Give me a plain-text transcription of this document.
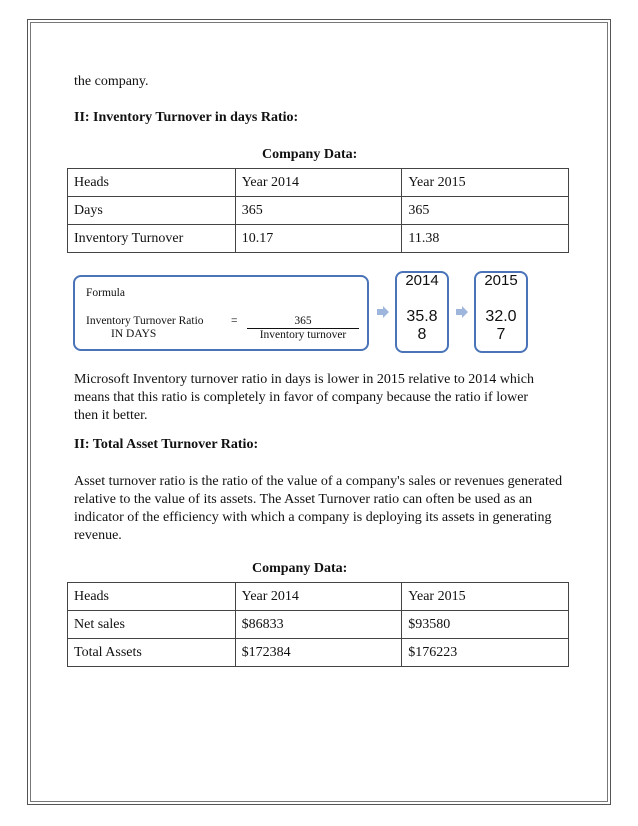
the company.
II: Inventory Turnover in days Ratio:
Company Data:
Heads	Year 2014	Year 2015
Days	365	365
Inventory Turnover	10.17	11.38
Formula
Inventory Turnover Ratio =
IN DAYS
365
Inventory turnover
2014
35.88
2015
32.07
Microsoft Inventory turnover ratio in days is lower in 2015 relative to 2014 which means that this ratio is completely in favor of company because the ratio if lower then it better.
II: Total Asset Turnover Ratio:
Asset turnover ratio is the ratio of the value of a company's sales or revenues generated relative to the value of its assets. The Asset Turnover ratio can often be used as an indicator of the efficiency with which a company is deploying its assets in generating revenue.
Company Data:
Heads	Year 2014	Year 2015
Net sales	$86833	$93580
Total Assets	$172384	$176223
